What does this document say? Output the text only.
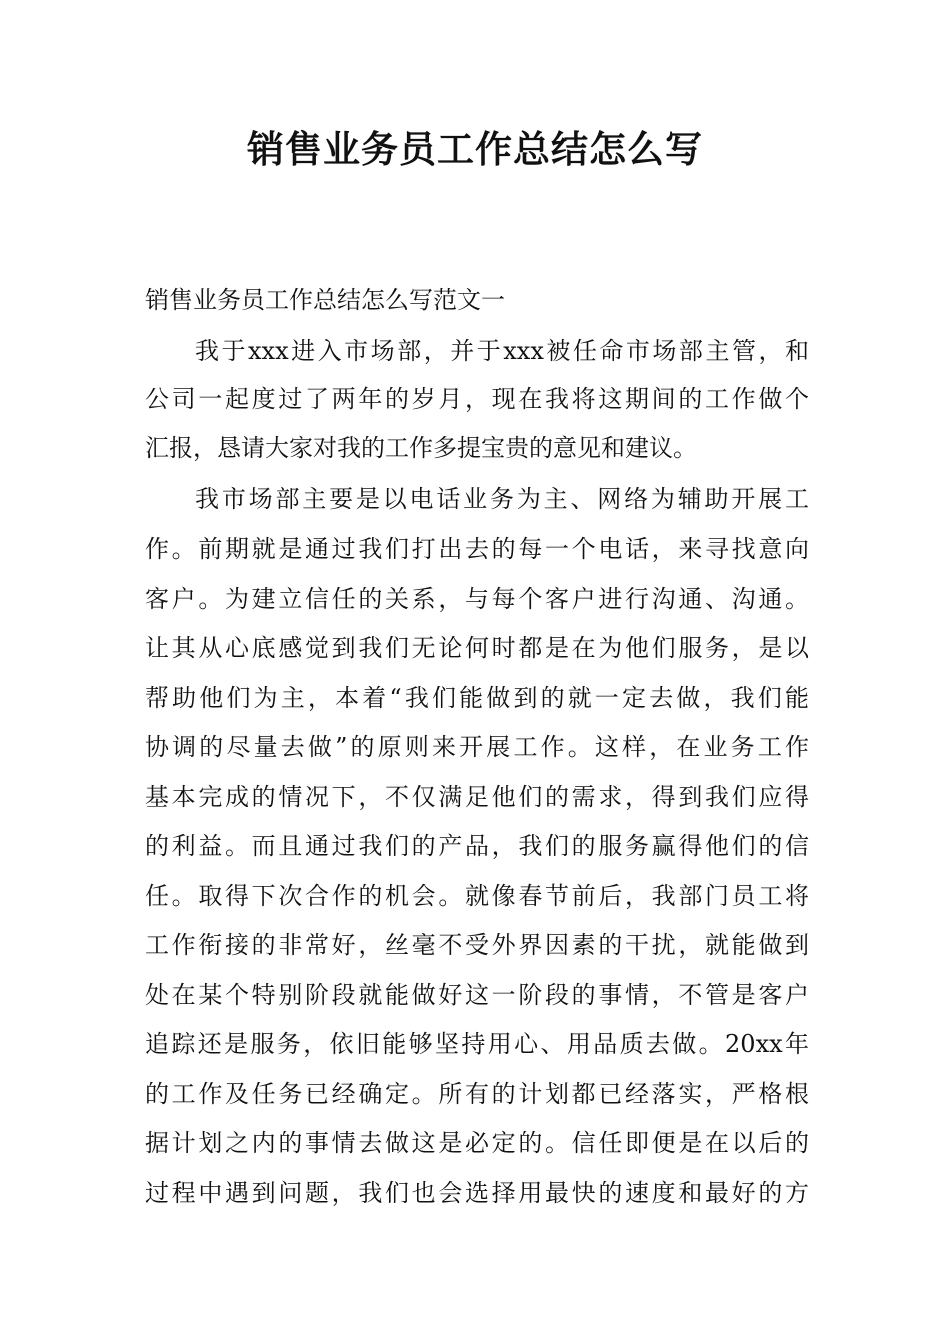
销售业务员工作总结怎么写

销售业务员工作总结怎么写范文一

我于xxx进入市场部，并于xxx被任命市场部主管，和
公司一起度过了两年的岁月，现在我将这期间的工作做个
汇报，恳请大家对我的工作多提宝贵的意见和建议。
我市场部主要是以电话业务为主、网络为辅助开展工
作。前期就是通过我们打出去的每一个电话，来寻找意向
客户。为建立信任的关系，与每个客户进行沟通、沟通。
让其从心底感觉到我们无论何时都是在为他们服务，是以
帮助他们为主，本着“我们能做到的就一定去做，我们能
协调的尽量去做”的原则来开展工作。这样，在业务工作
基本完成的情况下，不仅满足他们的需求，得到我们应得
的利益。而且通过我们的产品，我们的服务赢得他们的信
任。取得下次合作的机会。就像春节前后，我部门员工将
工作衔接的非常好，丝毫不受外界因素的干扰，就能做到
处在某个特别阶段就能做好这一阶段的事情，不管是客户
追踪还是服务，依旧能够坚持用心、用品质去做。20xx年
的工作及任务已经确定。所有的计划都已经落实，严格根
据计划之内的事情去做这是必定的。信任即便是在以后的
过程中遇到问题，我们也会选择用最快的速度和最好的方
